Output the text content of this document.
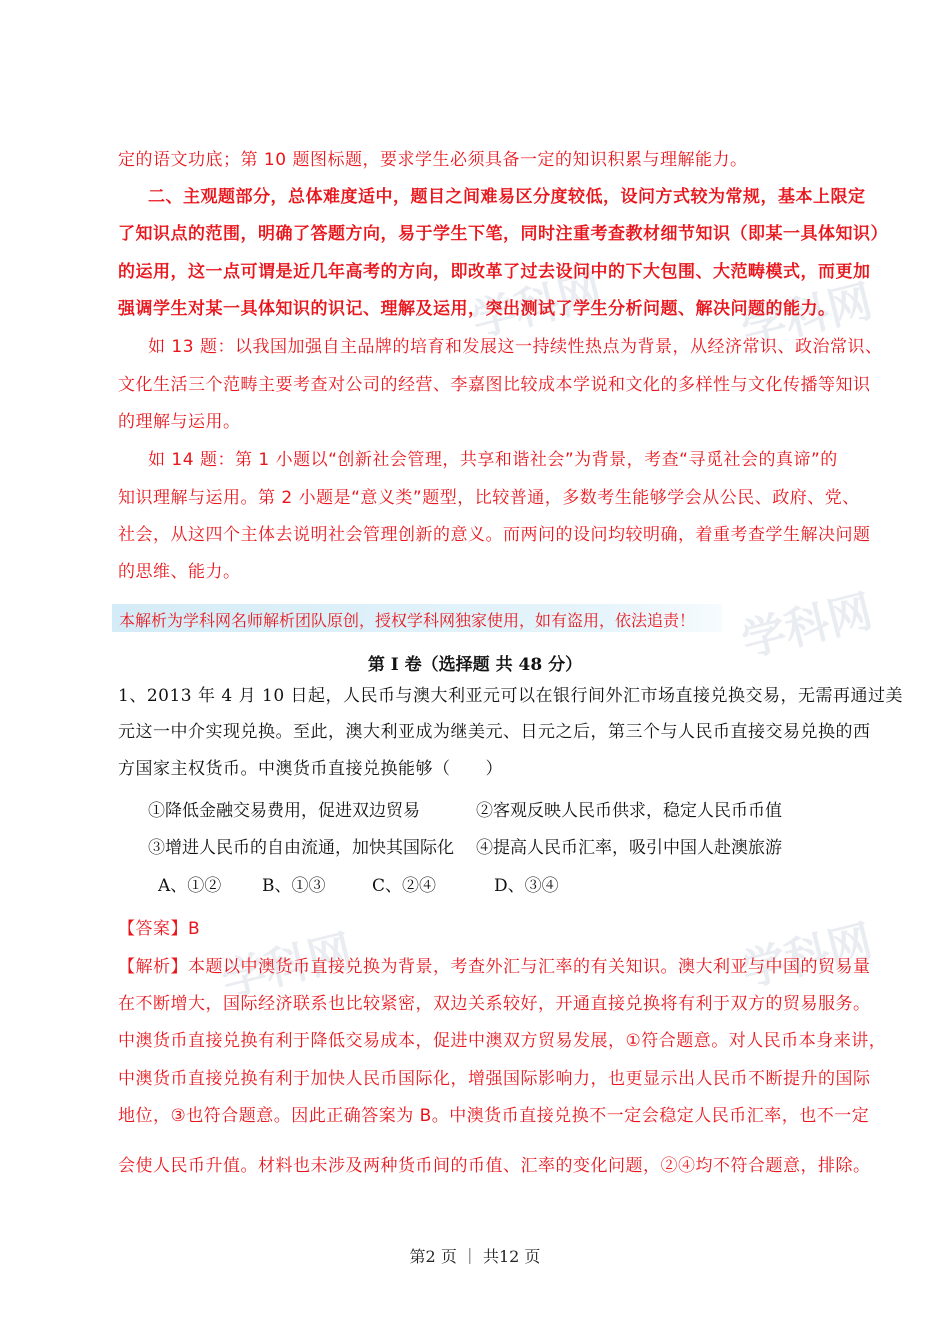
学科网	学科网
学科网
学科网
学科网
定的语文功底；第 10 题图标题，要求学生必须具备一定的知识积累与理解能力。
二、主观题部分，总体难度适中，题目之间难易区分度较低，设问方式较为常规，基本上限定
了知识点的范围，明确了答题方向，易于学生下笔，同时注重考查教材细节知识（即某一具体知识）
的运用，这一点可谓是近几年高考的方向，即改革了过去设问中的下大包围、大范畴模式，而更加
强调学生对某一具体知识的识记、理解及运用，突出测试了学生分析问题、解决问题的能力。
如 13 题：以我国加强自主品牌的培育和发展这一持续性热点为背景，从经济常识、政治常识、
文化生活三个范畴主要考查对公司的经营、李嘉图比较成本学说和文化的多样性与文化传播等知识
的理解与运用。
如 14 题：第 1 小题以“创新社会管理，共享和谐社会”为背景，考查“寻觅社会的真谛”的
知识理解与运用。第 2 小题是“意义类”题型，比较普通，多数考生能够学会从公民、政府、党、
社会，从这四个主体去说明社会管理创新的意义。而两问的设问均较明确，着重考查学生解决问题
的思维、能力。
本解析为学科网名师解析团队原创，授权学科网独家使用，如有盗用，依法追责！
第 I 卷（选择题 共 48 分）
1、2013 年 4 月 10 日起，人民币与澳大利亚元可以在银行间外汇市场直接兑换交易，无需再通过美
元这一中介实现兑换。至此，澳大利亚成为继美元、日元之后，第三个与人民币直接交易兑换的西
方国家主权货币。中澳货币直接兑换能够（　　）
①降低金融交易费用，促进双边贸易	②客观反映人民币供求，稳定人民币币值
③增进人民币的自由流通，加快其国际化 ④提高人民币汇率，吸引中国人赴澳旅游
A、①② B、①③	C、②④	D、③④
【答案】B
【解析】本题以中澳货币直接兑换为背景，考查外汇与汇率的有关知识。澳大利亚与中国的贸易量
在不断增大，国际经济联系也比较紧密，双边关系较好，开通直接兑换将有利于双方的贸易服务。
中澳货币直接兑换有利于降低交易成本，促进中澳双方贸易发展，①符合题意。对人民币本身来讲，
中澳货币直接兑换有利于加快人民币国际化，增强国际影响力，也更显示出人民币不断提升的国际
地位，③也符合题意。因此正确答案为 B。中澳货币直接兑换不一定会稳定人民币汇率，也不一定
会使人民币升值。材料也未涉及两种货币间的币值、汇率的变化问题，②④均不符合题意，排除。
第2 页 ｜ 共12 页
